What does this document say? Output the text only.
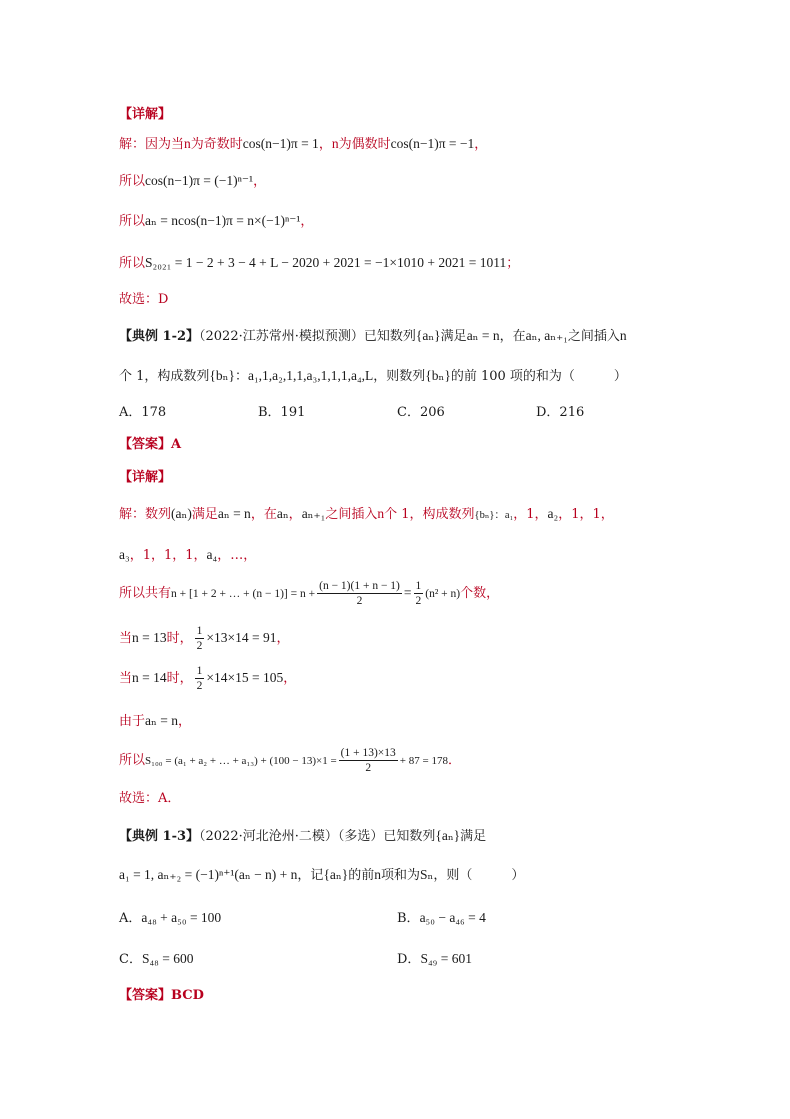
【详解】
解：因为当n为奇数时cos(n−1)π = 1，n为偶数时cos(n−1)π = −1，
所以cos(n−1)π = (−1)ⁿ⁻¹，
所以aₙ = ncos(n−1)π = n×(−1)ⁿ⁻¹，
所以S₂₀₂₁ = 1 − 2 + 3 − 4 + L − 2020 + 2021 = −1×1010 + 2021 = 1011；
故选：D
【典例 1-2】（2022·江苏常州·模拟预测）已知数列{aₙ}满足aₙ = n，在aₙ, aₙ₊₁之间插入n
个 1，构成数列{bₙ}：a₁,1,a₂,1,1,a₃,1,1,1,a₄,L，则数列{bₙ}的前 100 项的和为（　　　）
A．178	B．191	C．206	D．216
【答案】A
【详解】
解：数列(aₙ)满足aₙ = n，在aₙ，aₙ₊₁之间插入n个 1，构成数列{bₙ}：a₁，1，a₂，1，1，
a₃，1，1，1，a₄，…，
所以共有n + [1 + 2 + … + $(n - 1)] = n + \frac{(n - 1)(1 + n - 1)}{2} = \frac{1}{2} (n^2 + n)$个数，
当n = 13时， $\frac{1}{2} \times 13\times 14 = 91$，
当n = 14时， $\frac{1}{2} \times 14\times 15 = 105$，
由于aₙ = n，
所以S₁₀₀ = (a₁ + a₂ + … + $a_{13}) + (100 - 13)\times 1 = \frac{(1 + 13)\times 13}{2} + 87 = 178$．
故选：A．
【典例 1-3】（2022·河北沧州·二模）（多选）已知数列{aₙ}满足
a₁ = 1, aₙ₊₂ = (−1)ⁿ⁺¹(aₙ − n) + n，记{aₙ}的前n项和为Sₙ，则（　　　）
A．a₄₈ + a₅₀ = 100	B．a₅₀ − a₄₆ = 4
C．S₄₈ = 600	D．S₄₉ = 601
【答案】BCD
